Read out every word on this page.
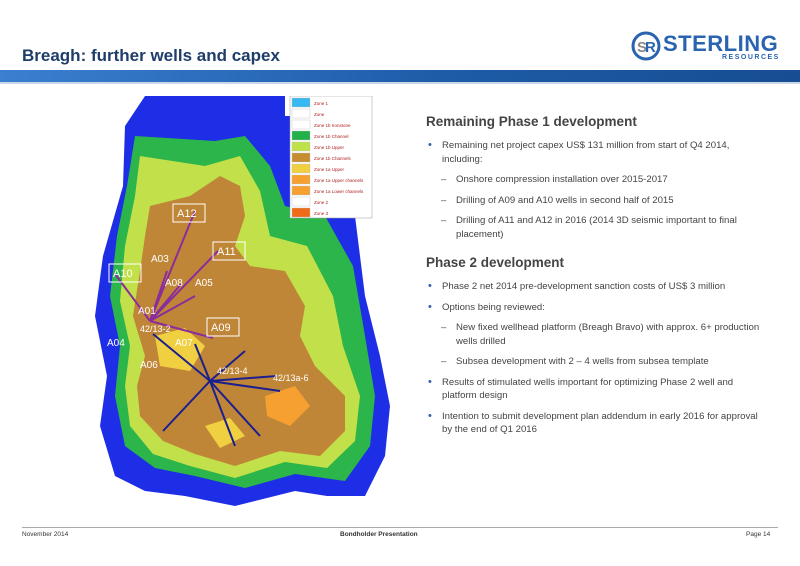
Breagh: further wells and capex	S
R STERLING
RESOURCES
Zone 1
Zone
Zone 1b Ironstone
Zone 1b Channel
Zone 1b Upper
Zone 1b Channels
Zone 1a Upper
Zone 1a Upper channels
Zone 1a Lower channels
Zone 2
Zone 3
A12
A10
A11
A09
A03
A08 A05
A01
A04	A07
A06
42/13-2
42/13-4
42/13a-6
Remaining Phase 1 development
• Remaining net project capex US$ 131 million from start of Q4 2014, including:
– Onshore compression installation over 2015-2017
– Drilling of A09 and A10 wells in second half of 2015
– Drilling of A11 and A12 in 2016 (2014 3D seismic important to final placement)
Phase 2 development
• Phase 2 net 2014 pre-development sanction costs of US$ 3 million
• Options being reviewed:
– New fixed wellhead platform (Breagh Bravo) with approx. 6+ production wells drilled
– Subsea development with 2 – 4 wells from subsea template
• Results of stimulated wells important for optimizing Phase 2 well and platform design
• Intention to submit development plan addendum in early 2016 for approval by the end of Q1 2016
November 2014	Bondholder Presentation	Page 14
